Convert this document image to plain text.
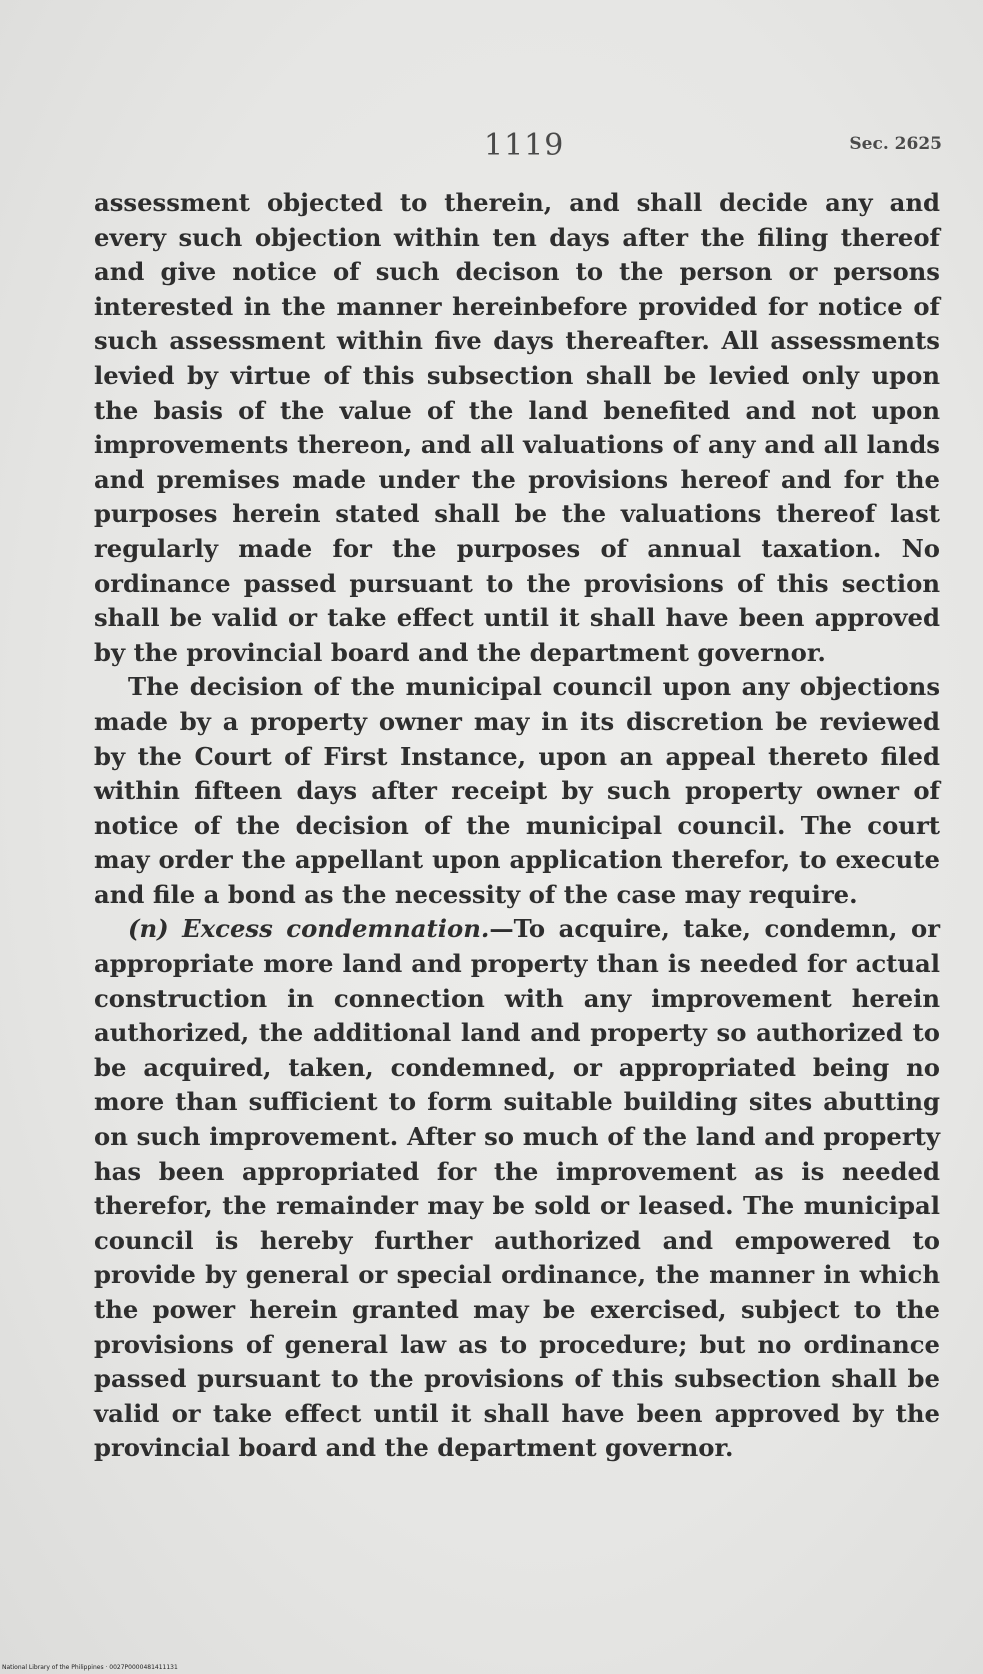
1119	Sec. 2625

assessment objected to therein, and shall decide any and every such objection within ten days after the filing thereof and give notice of such decison to the person or persons interested in the manner hereinbefore provided for notice of such assessment within five days thereafter. All assessments levied by virtue of this subsection shall be levied only upon the basis of the value of the land benefited and not upon improvements thereon, and all valuations of any and all lands and premises made under the provisions hereof and for the purposes herein stated shall be the valuations thereof last regularly made for the purposes of annual taxation. No ordinance passed pursuant to the provisions of this section shall be valid or take effect until it shall have been approved by the provincial board and the department governor.

The decision of the municipal council upon any objections made by a property owner may in its discretion be reviewed by the Court of First Instance, upon an appeal thereto filed within fifteen days after receipt by such property owner of notice of the decision of the municipal council. The court may order the appellant upon application therefor, to execute and file a bond as the necessity of the case may require.

(n) Excess condemnation.—To acquire, take, condemn, or appropriate more land and property than is needed for actual construction in connection with any improvement herein authorized, the additional land and property so authorized to be acquired, taken, condemned, or appropriated being no more than sufficient to form suitable building sites abutting on such improvement. After so much of the land and property has been appropriated for the improvement as is needed therefor, the remainder may be sold or leased. The municipal council is hereby further authorized and empowered to provide by general or special ordinance, the manner in which the power herein granted may be exercised, subject to the provisions of general law as to procedure; but no ordinance passed pursuant to the provisions of this subsection shall be valid or take effect until it shall have been approved by the provincial board and the department governor.

National Library of the Philippines · 0027P0000481411131
